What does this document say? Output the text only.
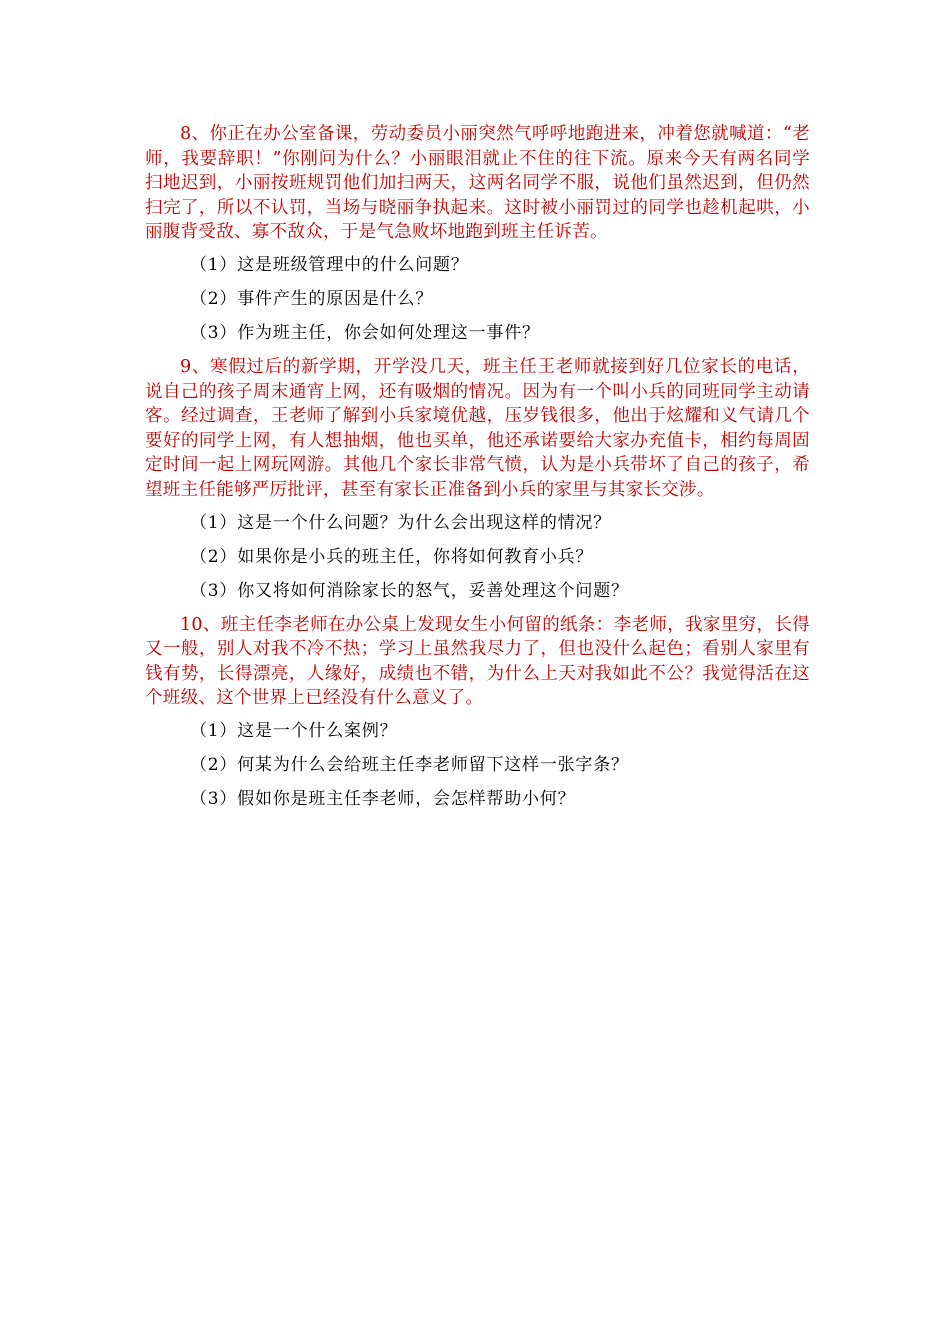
8、你正在办公室备课，劳动委员小丽突然气呼呼地跑进来，冲着您就喊道：“老师，我要辞职！”你刚问为什么？小丽眼泪就止不住的往下流。原来今天有两名同学扫地迟到，小丽按班规罚他们加扫两天，这两名同学不服，说他们虽然迟到，但仍然扫完了，所以不认罚，当场与晓丽争执起来。这时被小丽罚过的同学也趁机起哄，小丽腹背受敌、寡不敌众，于是气急败坏地跑到班主任诉苦。

（1）这是班级管理中的什么问题？

（2）事件产生的原因是什么？

（3）作为班主任，你会如何处理这一事件？

9、寒假过后的新学期，开学没几天，班主任王老师就接到好几位家长的电话，说自己的孩子周末通宵上网，还有吸烟的情况。因为有一个叫小兵的同班同学主动请客。经过调查，王老师了解到小兵家境优越，压岁钱很多，他出于炫耀和义气请几个要好的同学上网，有人想抽烟，他也买单，他还承诺要给大家办充值卡，相约每周固定时间一起上网玩网游。其他几个家长非常气愤，认为是小兵带坏了自己的孩子，希望班主任能够严厉批评，甚至有家长正准备到小兵的家里与其家长交涉。

（1）这是一个什么问题？为什么会出现这样的情况？

（2）如果你是小兵的班主任，你将如何教育小兵？

（3）你又将如何消除家长的怒气，妥善处理这个问题？

10、班主任李老师在办公桌上发现女生小何留的纸条：李老师，我家里穷，长得又一般，别人对我不冷不热；学习上虽然我尽力了，但也没什么起色；看别人家里有钱有势，长得漂亮，人缘好，成绩也不错，为什么上天对我如此不公？我觉得活在这个班级、这个世界上已经没有什么意义了。

（1）这是一个什么案例？

（2）何某为什么会给班主任李老师留下这样一张字条？

（3）假如你是班主任李老师，会怎样帮助小何？
